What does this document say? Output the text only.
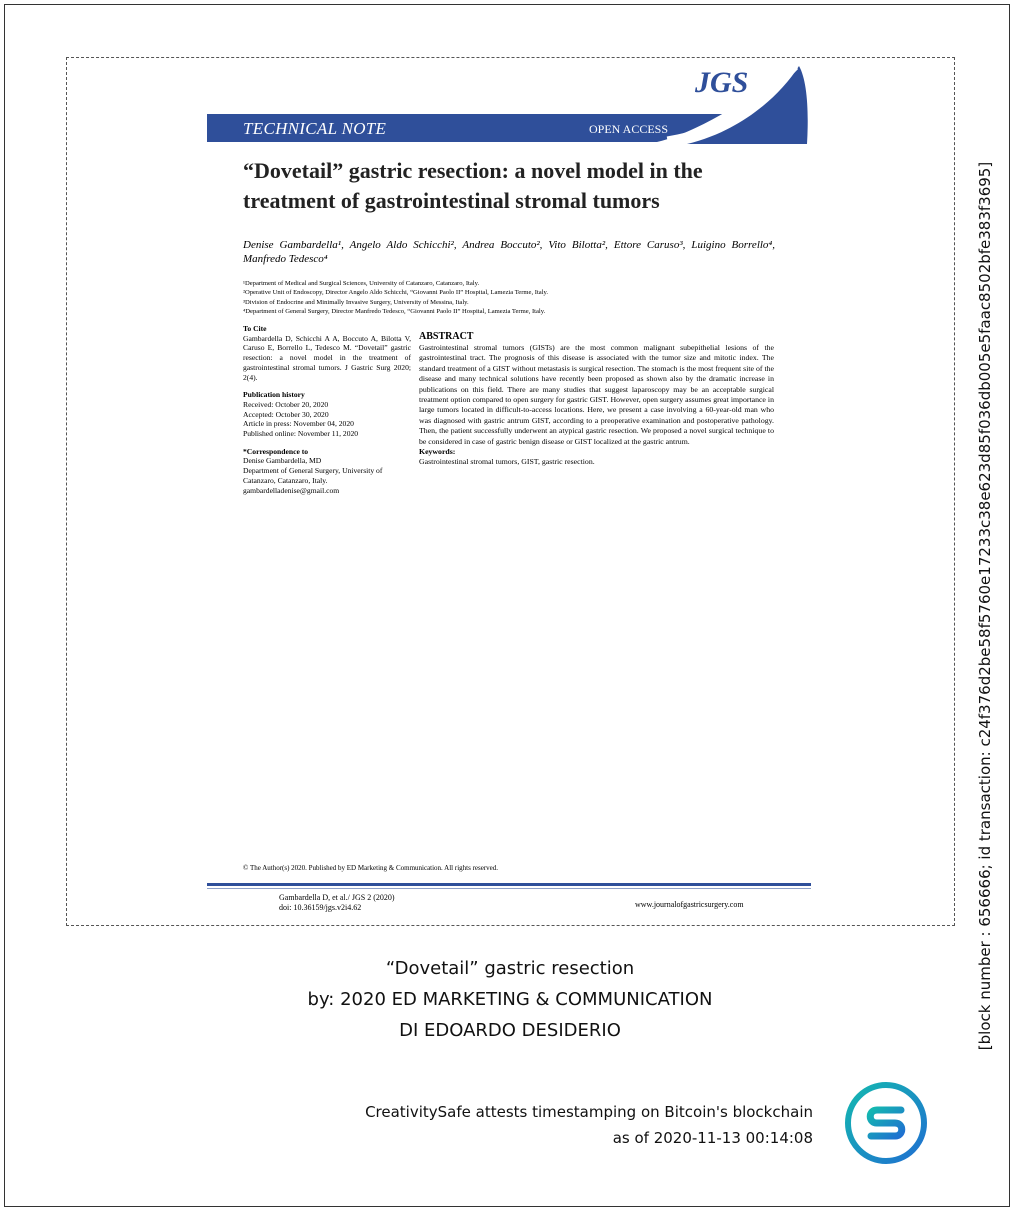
TECHNICAL NOTE	OPEN ACCESS
JGS
“Dovetail” gastric resection: a novel model in the treatment of gastrointestinal stromal tumors
Denise Gambardella¹, Angelo Aldo Schicchi², Andrea Boccuto², Vito Bilotta², Ettore Caruso³, Luigino Borrello⁴, Manfredo Tedesco⁴
¹Department of Medical and Surgical Sciences, University of Catanzaro, Catanzaro, Italy.
²Operative Unit of Endoscopy, Director Angelo Aldo Schicchi, “Giovanni Paolo II” Hospital, Lamezia Terme, Italy.
³Division of Endocrine and Minimally Invasive Surgery, University of Messina, Italy.
⁴Department of General Surgery, Director Manfredo Tedesco, “Giovanni Paolo II” Hospital, Lamezia Terme, Italy.
To Cite
Gambardella D, Schicchi A A, Boccuto A, Bilotta V, Caruso E, Borrello L, Tedesco M. “Dovetail” gastric resection: a novel model in the treatment of gastrointestinal stromal tumors. J Gastric Surg 2020; 2(4).
Publication history
Received: October 20, 2020
Accepted: October 30, 2020
Article in press: November 04, 2020
Published online: November 11, 2020
*Correspondence to
Denise Gambardella, MD
Department of General Surgery, University of Catanzaro, Catanzaro, Italy.
gambardelladenise@gmail.com
ABSTRACT
Gastrointestinal stromal tumors (GISTs) are the most common malignant subepithelial lesions of the gastrointestinal tract. The prognosis of this disease is associated with the tumor size and mitotic index. The standard treatment of a GIST without metastasis is surgical resection. The stomach is the most frequent site of the disease and many technical solutions have recently been proposed as shown also by the dramatic increase in publications on this field. There are many studies that suggest laparoscopy may be an acceptable surgical treatment option compared to open surgery for gastric GIST. However, open surgery assumes great importance in large tumors located in difficult-to-access locations. Here, we present a case involving a 60-year-old man who was diagnosed with gastric antrum GIST, according to a preoperative examination and postoperative pathology. Then, the patient successfully underwent an atypical gastric resection. We proposed a novel surgical technique to be considered in case of gastric benign disease or GIST localized at the gastric antrum.
Keywords:
Gastrointestinal stromal tumors, GIST, gastric resection.
© The Author(s) 2020. Published by ED Marketing & Communication. All rights reserved.
Gambardella D, et al./ JGS 2 (2020)
doi: 10.36159/jgs.v2i4.62	www.journalofgastricsurgery.com
“Dovetail” gastric resection
by: 2020 ED MARKETING & COMMUNICATION
DI EDOARDO DESIDERIO
CreativitySafe attests timestamping on Bitcoin's blockchain
as of 2020-11-13 00:14:08
[block number : 656666; id transaction: c24f376d2be58f5760e17233c38e623d85f036db005e5faac8502bfe383f3695]
